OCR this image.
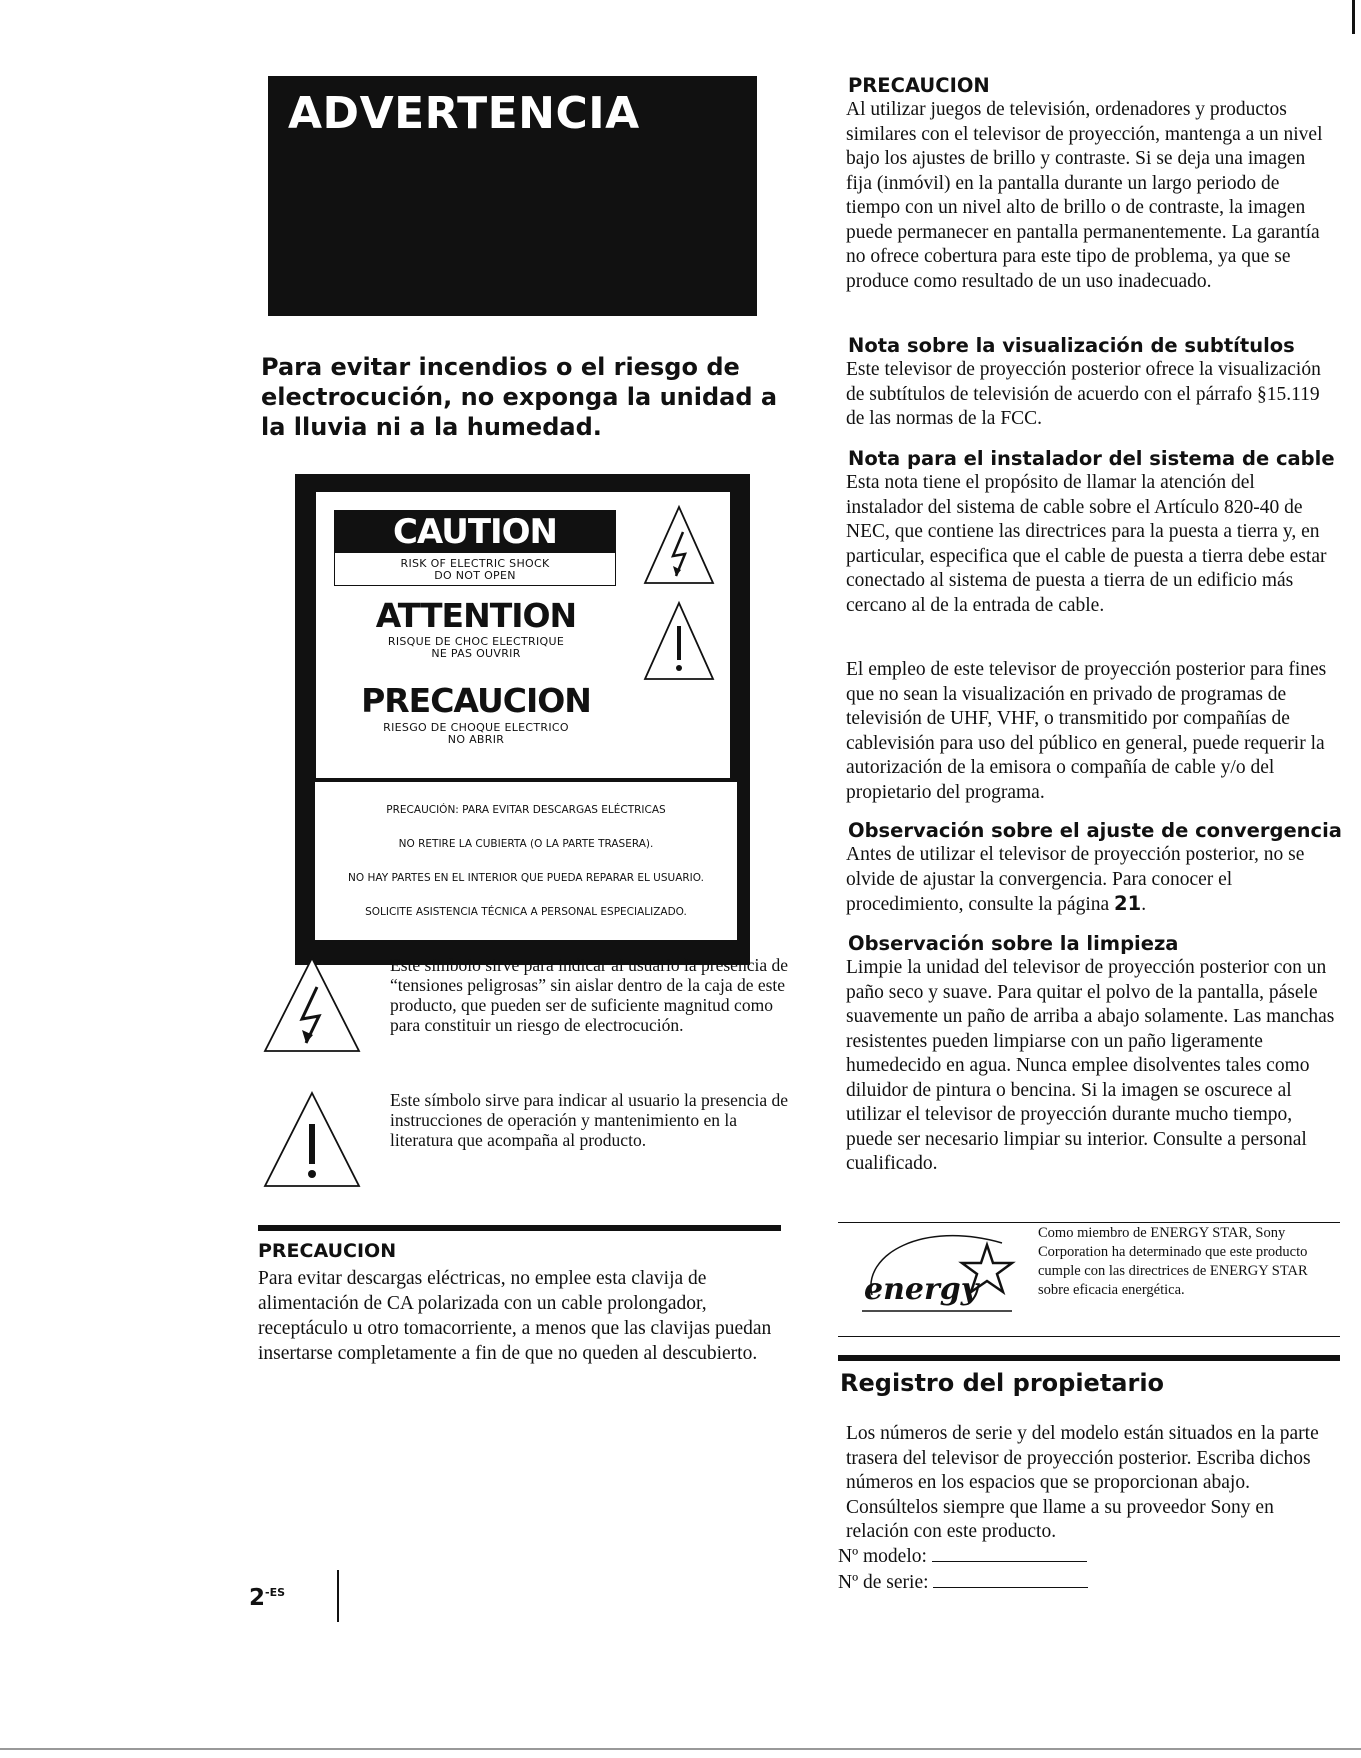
ADVERTENCIA
Para evitar incendios o el riesgo de electrocución, no exponga la unidad a la lluvia ni a la humedad.
CAUTION
RISK OF ELECTRIC SHOCK
DO NOT OPEN
ATTENTION
RISQUE DE CHOC ELECTRIQUE
NE PAS OUVRIR
PRECAUCION
RIESGO DE CHOQUE ELECTRICO
NO ABRIR
PRECAUCIÓN: PARA EVITAR DESCARGAS ELÉCTRICAS
NO RETIRE LA CUBIERTA (O LA PARTE TRASERA).
NO HAY PARTES EN EL INTERIOR QUE PUEDA REPARAR EL USUARIO.
SOLICITE ASISTENCIA TÉCNICA A PERSONAL ESPECIALIZADO.
Este símbolo sirve para indicar al usuario la presencia de “tensiones peligrosas” sin aislar dentro de la caja de este producto, que pueden ser de suficiente magnitud como para constituir un riesgo de electrocución.
Este símbolo sirve para indicar al usuario la presencia de instrucciones de operación y mantenimiento en la literatura que acompaña al producto.
PRECAUCION
Para evitar descargas eléctricas, no emplee esta clavija de alimentación de CA polarizada con un cable prolongador, receptáculo u otro tomacorriente, a menos que las clavijas puedan insertarse completamente a fin de que no queden al descubierto.
$2^{-ES}$
PRECAUCION
Al utilizar juegos de televisión, ordenadores y productos similares con el televisor de proyección, mantenga a un nivel bajo los ajustes de brillo y contraste. Si se deja una imagen fija (inmóvil) en la pantalla durante un largo periodo de tiempo con un nivel alto de brillo o de contraste, la imagen puede permanecer en pantalla permanentemente. La garantía no ofrece cobertura para este tipo de problema, ya que se produce como resultado de un uso inadecuado.
Nota sobre la visualización de subtítulos
Este televisor de proyección posterior ofrece la visualización de subtítulos de televisión de acuerdo con el párrafo §15.119 de las normas de la FCC.
Nota para el instalador del sistema de cable
Esta nota tiene el propósito de llamar la atención del instalador del sistema de cable sobre el Artículo 820-40 de NEC, que contiene las directrices para la puesta a tierra y, en particular, especifica que el cable de puesta a tierra debe estar conectado al sistema de puesta a tierra de un edificio más cercano al de la entrada de cable.
El empleo de este televisor de proyección posterior para fines que no sean la visualización en privado de programas de televisión de UHF, VHF, o transmitido por compañías de cablevisión para uso del público en general, puede requerir la autorización de la emisora o compañía de cable y/o del propietario del programa.
Observación sobre el ajuste de convergencia
Antes de utilizar el televisor de proyección posterior, no se olvide de ajustar la convergencia. Para conocer el procedimiento, consulte la página 21.
Observación sobre la limpieza
Limpie la unidad del televisor de proyección posterior con un paño seco y suave. Para quitar el polvo de la pantalla, pásele suavemente un paño de arriba a abajo solamente. Las manchas resistentes pueden limpiarse con un paño ligeramente humedecido en agua. Nunca emplee disolventes tales como diluidor de pintura o bencina. Si la imagen se oscurece al utilizar el televisor de proyección durante mucho tiempo, puede ser necesario limpiar su interior. Consulte a personal cualificado.
energy
Como miembro de ENERGY STAR, Sony Corporation ha determinado que este producto cumple con las directrices de ENERGY STAR sobre eficacia energética.
Registro del propietario
Los números de serie y del modelo están situados en la parte trasera del televisor de proyección posterior. Escriba dichos números en los espacios que se proporcionan abajo. Consúltelos siempre que llame a su proveedor Sony en relación con este producto.
Nº modelo:
Nº de serie:
